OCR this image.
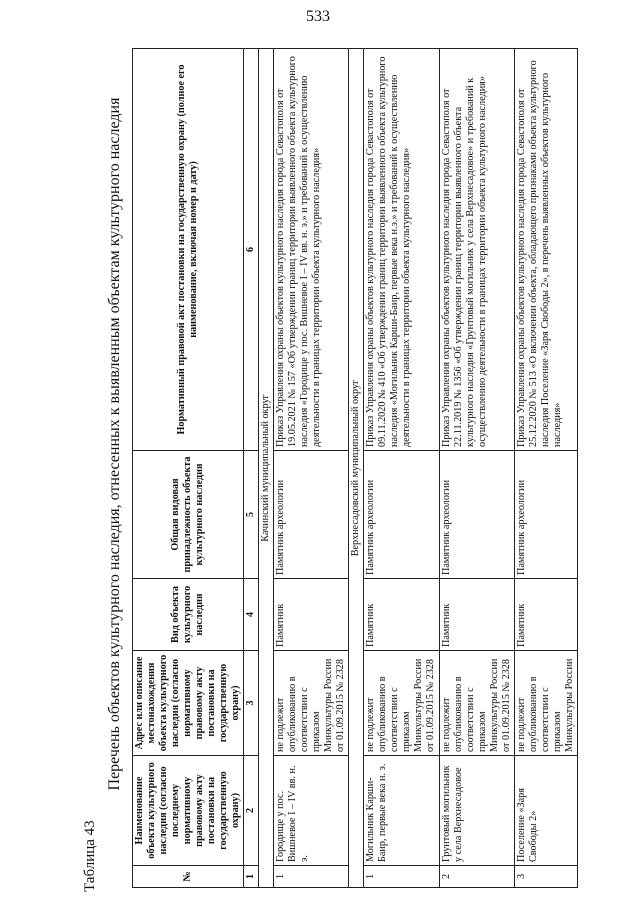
533
Таблица 43
Перечень объектов культурного наследия, отнесенных к выявленным объектам культурного наследия
№	Наименование объекта культурного наследия (согласно последнему нормативному правовому акту постановки на государственную охрану)	Адрес или описание местонахождения объекта культурного наследия (согласно нормативному правовому акту постановки на государственную охрану)	Вид объекта культурного наследия	Общая видовая принадлежность объекта культурного наследия	Нормативный правовой акт постановки на государственную охрану (полное его наименование, включая номер и дату)
1	2	3	4	5	6
Качинский муниципальный округ					
1	Городище у пос. Вишневое I – IV вв. н. э.	не подлежит опубликованию в соответствии с приказом Минкультуры России от 01.09.2015 № 2328	Памятник	Памятник археологии	Приказ Управления охраны объектов культурного наследия города Севастополя от 19.05.2021 № 157 «Об утверждении границ территории выявленного объекта культурного наследия «Городище у пос. Вишневое I – IV вв. н. э.» и требований к осуществлению деятельности в границах территории объекта культурного наследия»
Верхнесадовский муниципальный округ					
1	Могильник Карши-Баир, первые века н. э.	не подлежит опубликованию в соответствии с приказом Минкультуры России от 01.09.2015 № 2328	Памятник	Памятник археологии	Приказ Управления охраны объектов культурного наследия города Севастополя от 09.11.2020 № 410 «Об утверждении границ территории выявленного объекта культурного наследия «Могильник Карши-Баир, первые века н.э.» и требований к осуществлению деятельности в границах территории объекта культурного наследия»
2	Грунтовый могильник у села Верхнесадовое	не подлежит опубликованию в соответствии с приказом Минкультуры России от 01.09.2015 № 2328	Памятник	Памятник археологии	Приказ Управления охраны объектов культурного наследия города Севастополя от 22.11.2019 № 1356 «Об утверждении границ территории выявленного объекта культурного наследия «Грунтовый могильник у села Верхнесадовое» и требований к осуществлению деятельности в границах территории объекта культурного наследия»
3	Поселение «Заря Свободы 2»	не подлежит опубликованию в соответствии с приказом Минкультуры России	Памятник	Памятник археологии	Приказ Управления охраны объектов культурного наследия города Севастополя от 25.12.2020 № 513 «О включении объекта, обладающего признаками объекта культурного наследия Поселение «Заря Свободы 2», в перечень выявленных объектов культурного наследия»
